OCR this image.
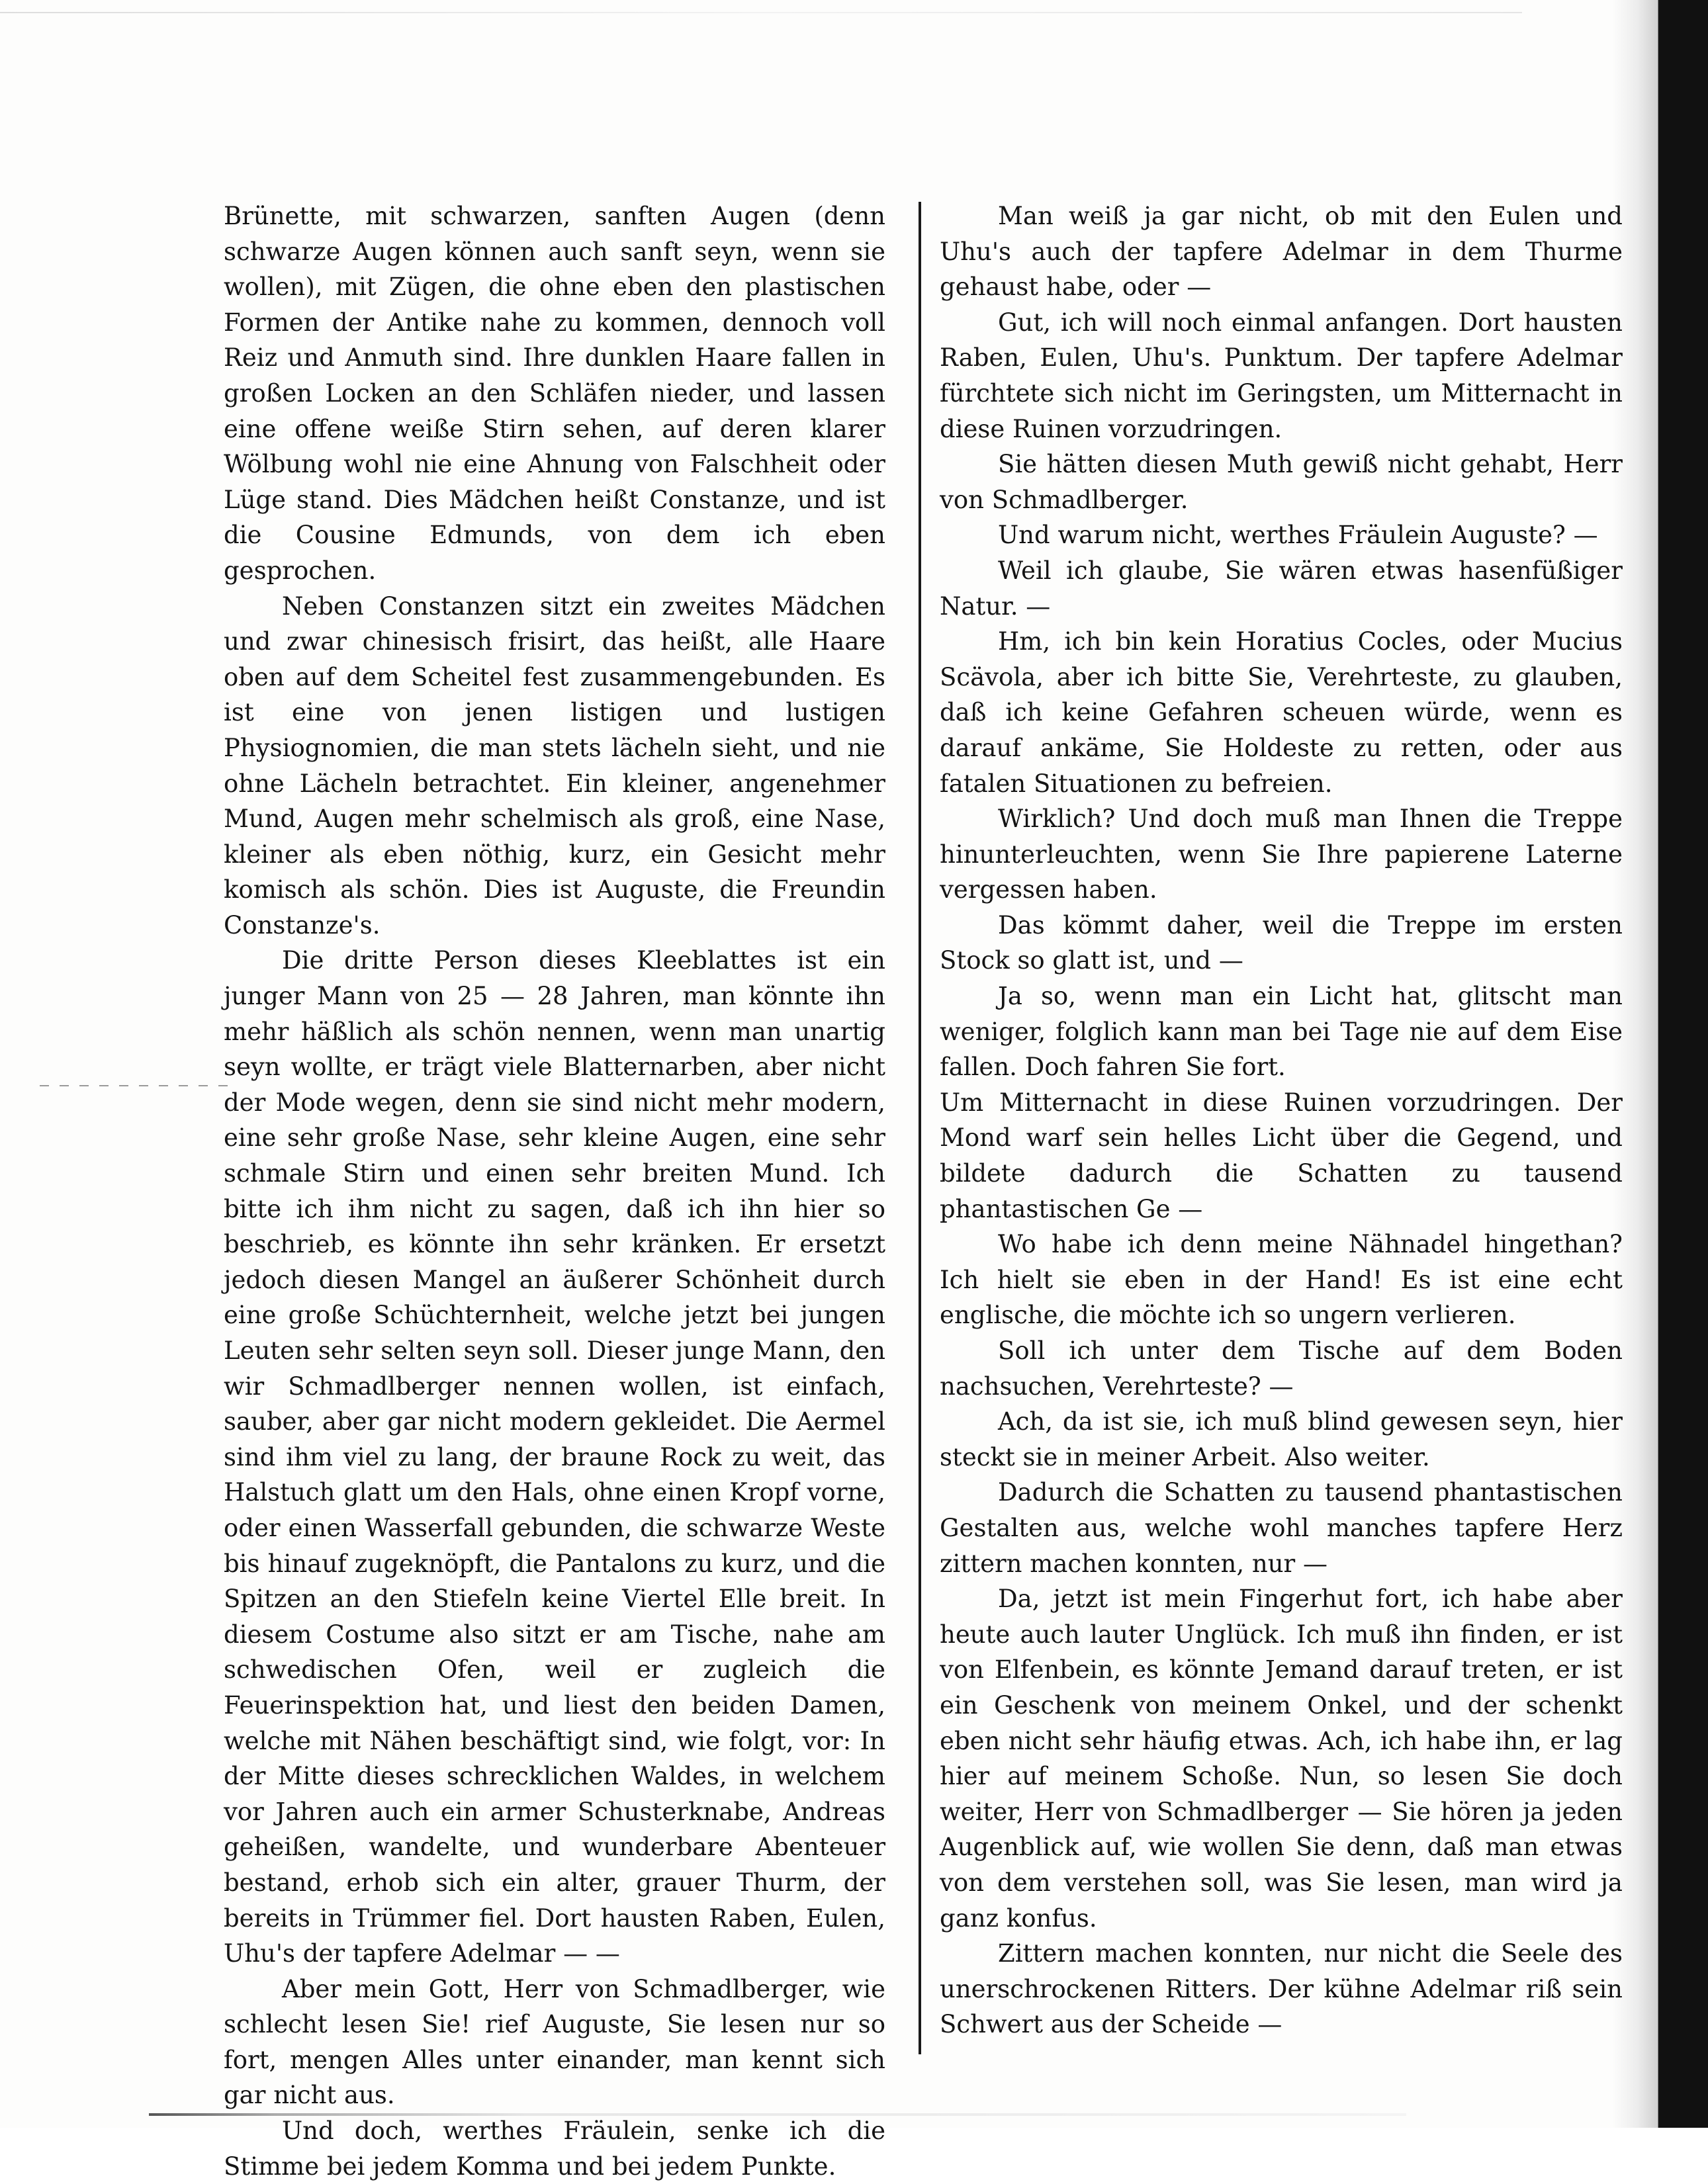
Brünette, mit schwarzen, sanften Augen (denn schwarze Augen können auch sanft seyn, wenn sie wollen), mit Zügen, die ohne eben den plastischen Formen der Antike nahe zu kommen, dennoch voll Reiz und Anmuth sind. Ihre dunklen Haare fallen in großen Locken an den Schläfen nieder, und lassen eine offene weiße Stirn sehen, auf deren klarer Wölbung wohl nie eine Ahnung von Falschheit oder Lüge stand. Dies Mädchen heißt Constanze, und ist die Cousine Edmunds, von dem ich eben gesprochen.

Neben Constanzen sitzt ein zweites Mädchen und zwar chinesisch frisirt, das heißt, alle Haare oben auf dem Scheitel fest zusammengebunden. Es ist eine von jenen listigen und lustigen Physiognomien, die man stets lächeln sieht, und nie ohne Lächeln betrachtet. Ein kleiner, angenehmer Mund, Augen mehr schelmisch als groß, eine Nase, kleiner als eben nöthig, kurz, ein Gesicht mehr komisch als schön. Dies ist Auguste, die Freundin Constanze's.

Die dritte Person dieses Kleeblattes ist ein junger Mann von 25 — 28 Jahren, man könnte ihn mehr häßlich als schön nennen, wenn man unartig seyn wollte, er trägt viele Blatternarben, aber nicht der Mode wegen, denn sie sind nicht mehr modern, eine sehr große Nase, sehr kleine Augen, eine sehr schmale Stirn und einen sehr breiten Mund. Ich bitte ich ihm nicht zu sagen, daß ich ihn hier so beschrieb, es könnte ihn sehr kränken. Er ersetzt jedoch diesen Mangel an äußerer Schönheit durch eine große Schüchternheit, welche jetzt bei jungen Leuten sehr selten seyn soll. Dieser junge Mann, den wir Schmadlberger nennen wollen, ist einfach, sauber, aber gar nicht modern gekleidet. Die Aermel sind ihm viel zu lang, der braune Rock zu weit, das Halstuch glatt um den Hals, ohne einen Kropf vorne, oder einen Wasserfall gebunden, die schwarze Weste bis hinauf zugeknöpft, die Pantalons zu kurz, und die Spitzen an den Stiefeln keine Viertel Elle breit. In diesem Costume also sitzt er am Tische, nahe am schwedischen Ofen, weil er zugleich die Feuerinspektion hat, und liest den beiden Damen, welche mit Nähen beschäftigt sind, wie folgt, vor: In der Mitte dieses schrecklichen Waldes, in welchem vor Jahren auch ein armer Schusterknabe, Andreas geheißen, wandelte, und wunderbare Abenteuer bestand, erhob sich ein alter, grauer Thurm, der bereits in Trümmer fiel. Dort hausten Raben, Eulen, Uhu's der tapfere Adelmar — —

Aber mein Gott, Herr von Schmadlberger, wie schlecht lesen Sie! rief Auguste, Sie lesen nur so fort, mengen Alles unter einander, man kennt sich gar nicht aus.

Und doch, werthes Fräulein, senke ich die Stimme bei jedem Komma und bei jedem Punkte.

Man weiß ja gar nicht, ob mit den Eulen und Uhu's auch der tapfere Adelmar in dem Thurme gehaust habe, oder —

Gut, ich will noch einmal anfangen. Dort hausten Raben, Eulen, Uhu's. Punktum. Der tapfere Adelmar fürchtete sich nicht im Geringsten, um Mitternacht in diese Ruinen vorzudringen.

Sie hätten diesen Muth gewiß nicht gehabt, Herr von Schmadlberger.

Und warum nicht, werthes Fräulein Auguste? —

Weil ich glaube, Sie wären etwas hasenfüßiger Natur. —

Hm, ich bin kein Horatius Cocles, oder Mucius Scävola, aber ich bitte Sie, Verehrteste, zu glauben, daß ich keine Gefahren scheuen würde, wenn es darauf ankäme, Sie Holdeste zu retten, oder aus fatalen Situationen zu befreien.

Wirklich? Und doch muß man Ihnen die Treppe hinunterleuchten, wenn Sie Ihre papierene Laterne vergessen haben.

Das kömmt daher, weil die Treppe im ersten Stock so glatt ist, und —

Ja so, wenn man ein Licht hat, glitscht man weniger, folglich kann man bei Tage nie auf dem Eise fallen. Doch fahren Sie fort.

Um Mitternacht in diese Ruinen vorzudringen. Der Mond warf sein helles Licht über die Gegend, und bildete dadurch die Schatten zu tausend phantastischen Ge —

Wo habe ich denn meine Nähnadel hingethan? Ich hielt sie eben in der Hand! Es ist eine echt englische, die möchte ich so ungern verlieren.

Soll ich unter dem Tische auf dem Boden nachsuchen, Verehrteste? —

Ach, da ist sie, ich muß blind gewesen seyn, hier steckt sie in meiner Arbeit. Also weiter.

Dadurch die Schatten zu tausend phantastischen Gestalten aus, welche wohl manches tapfere Herz zittern machen konnten, nur —

Da, jetzt ist mein Fingerhut fort, ich habe aber heute auch lauter Unglück. Ich muß ihn finden, er ist von Elfenbein, es könnte Jemand darauf treten, er ist ein Geschenk von meinem Onkel, und der schenkt eben nicht sehr häufig etwas. Ach, ich habe ihn, er lag hier auf meinem Schoße. Nun, so lesen Sie doch weiter, Herr von Schmadlberger — Sie hören ja jeden Augenblick auf, wie wollen Sie denn, daß man etwas von dem verstehen soll, was Sie lesen, man wird ja ganz konfus.

Zittern machen konnten, nur nicht die Seele des unerschrockenen Ritters. Der kühne Adelmar riß sein Schwert aus der Scheide —
